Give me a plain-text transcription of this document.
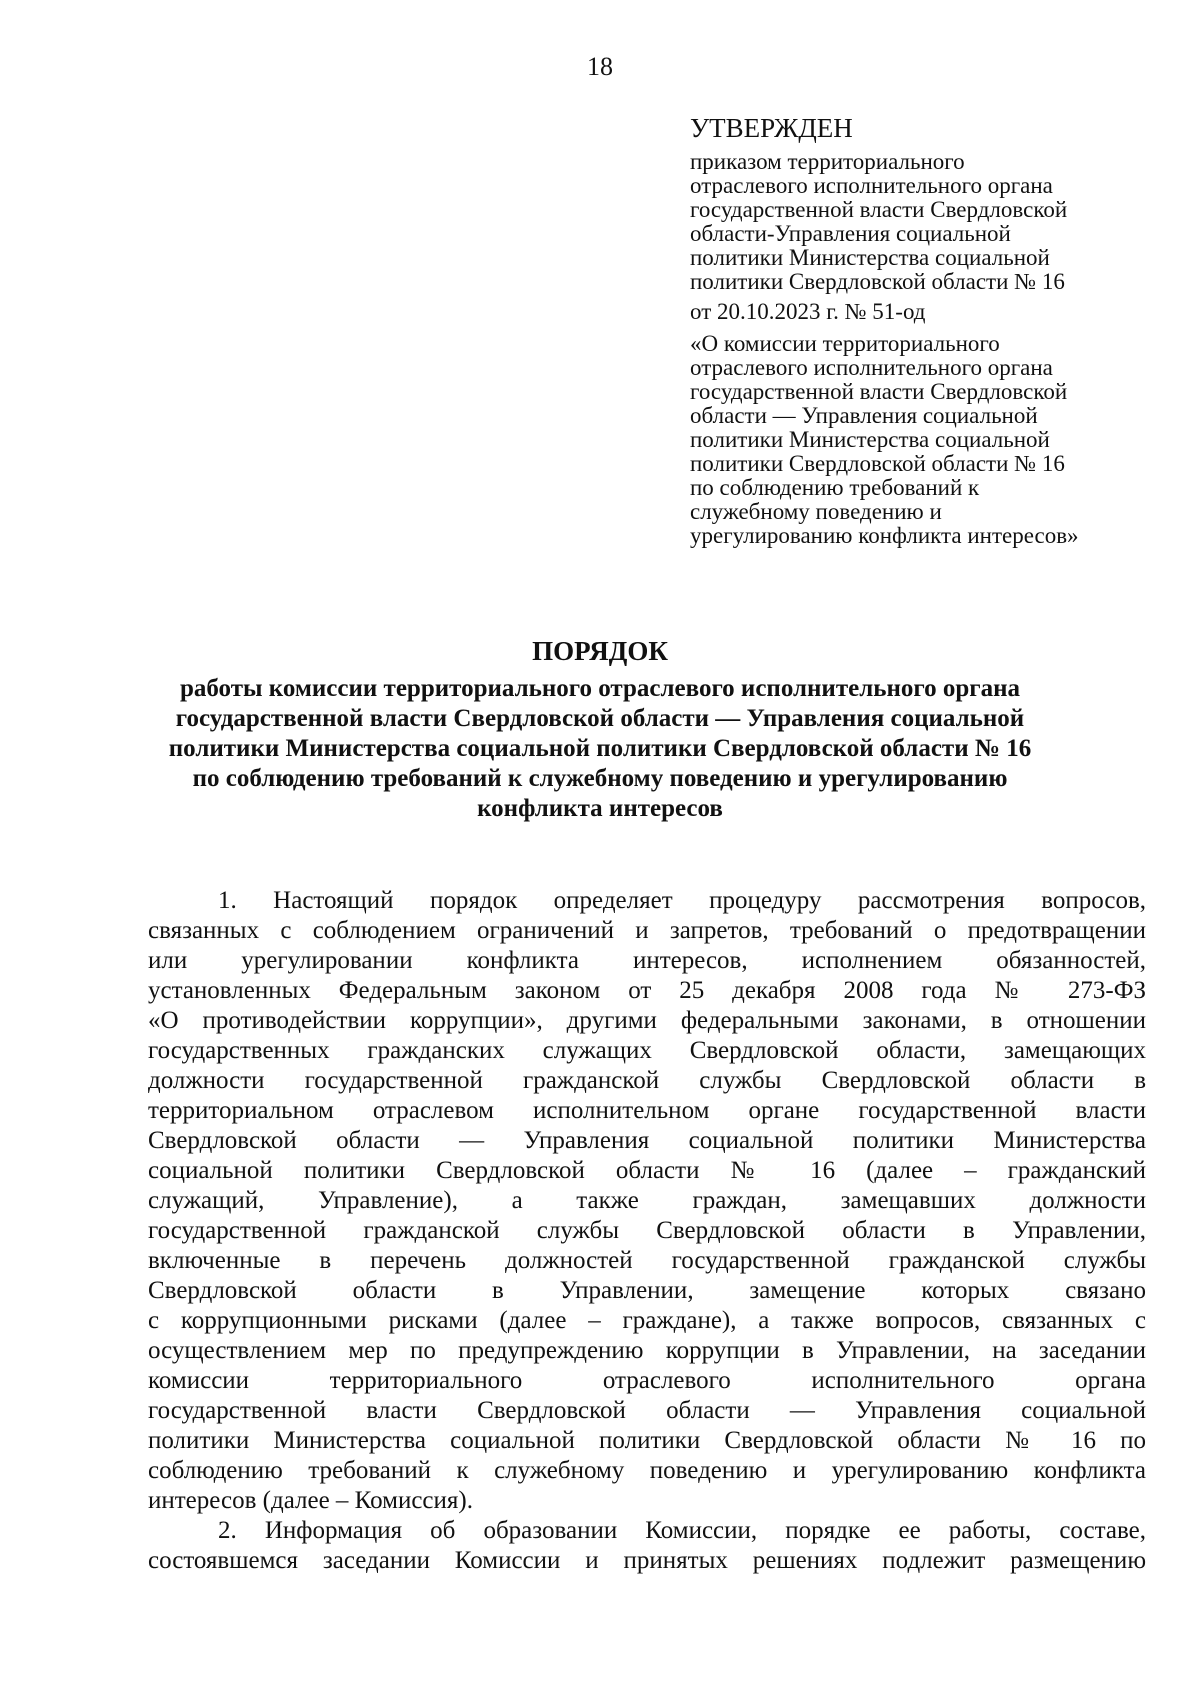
18
УТВЕРЖДЕН
приказом территориального
отраслевого исполнительного органа
государственной власти Свердловской
области-Управления социальной
политики Министерства социальной
политики Свердловской области № 16
от 20.10.2023 г. № 51-од
«О комиссии территориального
отраслевого исполнительного органа
государственной власти Свердловской
области — Управления социальной
политики Министерства социальной
политики Свердловской области № 16
по соблюдению требований к
служебному поведению и
урегулированию конфликта интересов»
ПОРЯДОК
работы комиссии территориального отраслевого исполнительного органа
государственной власти Свердловской области — Управления социальной
политики Министерства социальной политики Свердловской области № 16
по соблюдению требований к служебному поведению и урегулированию
конфликта интересов
1. Настоящий порядок определяет процедуру рассмотрения вопросов,
связанных с соблюдением ограничений и запретов, требований о предотвращении
или урегулировании конфликта интересов, исполнением обязанностей,
установленных Федеральным законом от 25 декабря 2008 года № 273-ФЗ
«О противодействии коррупции», другими федеральными законами, в отношении
государственных гражданских служащих Свердловской области, замещающих
должности государственной гражданской службы Свердловской области в
территориальном отраслевом исполнительном органе государственной власти
Свердловской области — Управления социальной политики Министерства
социальной политики Свердловской области № 16 (далее – гражданский
служащий, Управление), а также граждан, замещавших должности
государственной гражданской службы Свердловской области в Управлении,
включенные в перечень должностей государственной гражданской службы
Свердловской области в Управлении, замещение которых связано
с коррупционными рисками (далее – граждане), а также вопросов, связанных с
осуществлением мер по предупреждению коррупции в Управлении, на заседании
комиссии территориального отраслевого исполнительного органа
государственной власти Свердловской области — Управления социальной
политики Министерства социальной политики Свердловской области № 16 по
соблюдению требований к служебному поведению и урегулированию конфликта
интересов (далее – Комиссия).
2. Информация об образовании Комиссии, порядке ее работы, составе,
состоявшемся заседании Комиссии и принятых решениях подлежит размещению
